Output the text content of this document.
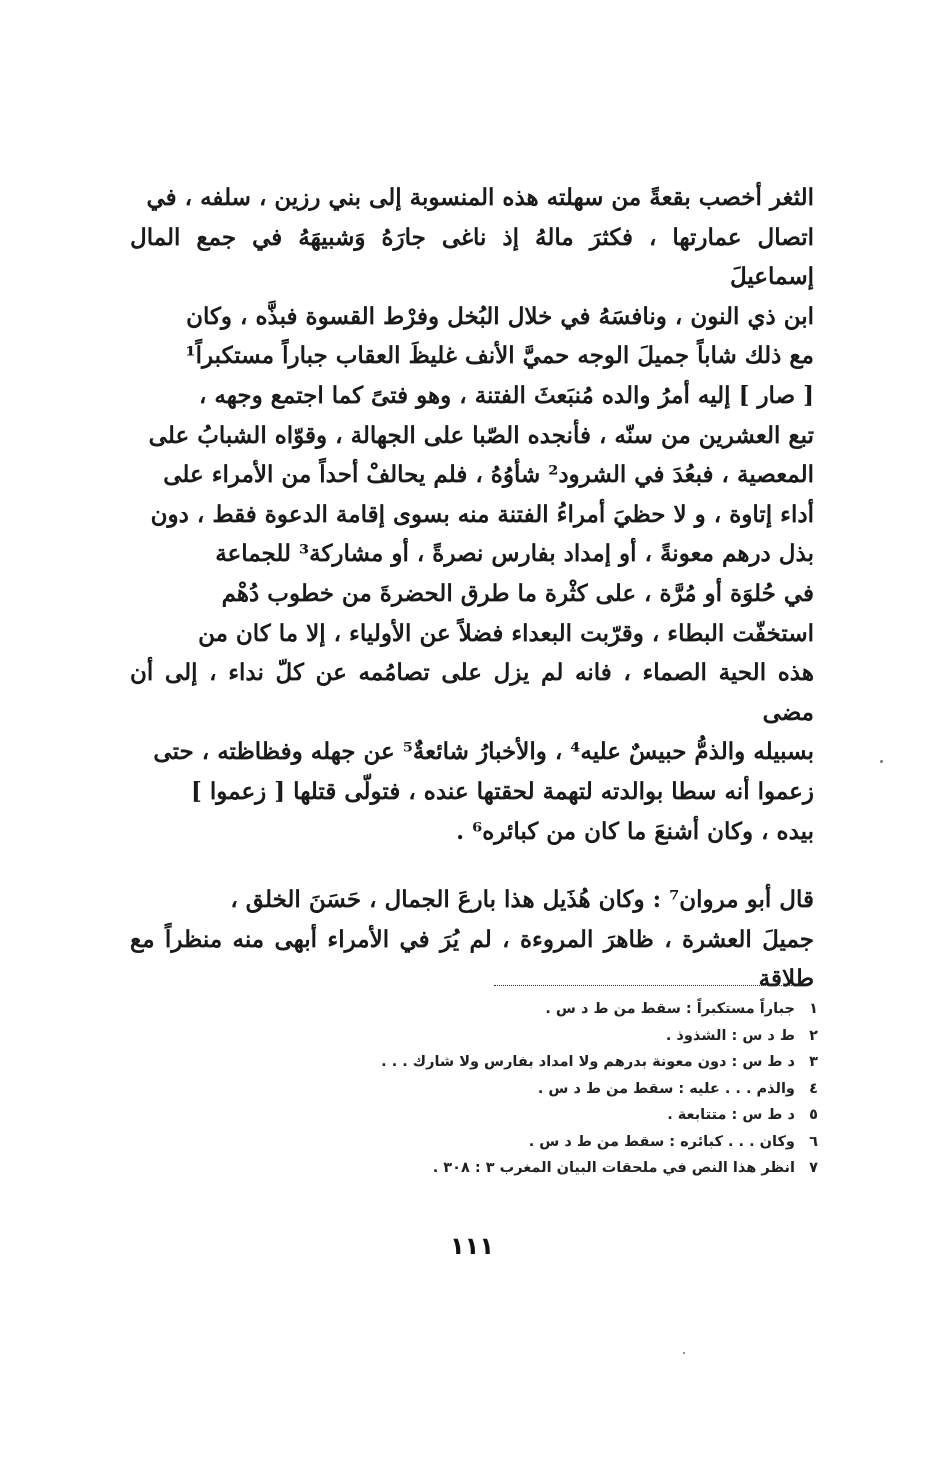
الثغر أخصب بقعةً من سهلته هذه المنسوبة إلى بني رزين ، سلفه ، في

اتصال عمارتها ، فكثرَ مالهُ إذ ناغى جارَهُ وَشبيهَهُ في جمع المال إسماعيلَ

ابن ذي النون ، ونافسَهُ في خلال البُخل وفرْط القسوة فبذَّه ، وكان

مع ذلك شاباً جميلَ الوجه حميَّ الأنف غليظَ العقاب جباراً مستكبراً¹

[ صار ] إليه أمرُ والده مُنبَعثَ الفتنة ، وهو فتىً كما اجتمع وجهه ،

تبع العشرين من سنّه ، فأنجده الصّبا على الجهالة ، وقوّاه الشبابُ على

المعصية ، فبعُدَ في الشرود² شأوُهُ ، فلم يحالفْ أحداً من الأمراء على

أداء إتاوة ، و لا حظيَ أمراءُ الفتنة منه بسوى إقامة الدعوة فقط ، دون

بذل درهم معونةً ، أو إمداد بفارس نصرةً ، أو مشاركة³ للجماعة

في حُلوَة أو مُرَّة ، على كثْرة ما طرق الحضرةَ من خطوب دُهْم

استخفّت البطاء ، وقرّبت البعداء فضلاً عن الأولياء ، إلا ما كان من

هذه الحية الصماء ، فانه لم يزل على تصامُمه عن كلّ نداء ، إلى أن مضى

بسبيله والذمُّ حبيسٌ عليه⁴ ، والأخبارُ شائعةٌ⁵ عن جهله وفظاظته ، حتى

زعموا أنه سطا بوالدته لتهمة لحقتها عنده ، فتولّى قتلها [ زعموا ]

بيده ، وكان أشنعَ ما كان من كبائره⁶ .

قال أبو مروان⁷ : وكان هُذَيل هذا بارعَ الجمال ، حَسَنَ الخلق ،

جميلَ العشرة ، ظاهرَ المروءة ، لم يُرَ في الأمراء أبهى منه منظراً مع طلاقة

١ جباراً مستكبراً : سقط من ط د س .
٢ ط د س : الشذوذ .
٣ د ط س : دون معونة بدرهم ولا امداد بفارس ولا شارك . . .
٤ والذم . . . عليه : سقط من ط د س .
٥ د ط س : متتابعة .
٦ وكان . . . كبائره : سقط من ط د س .
٧ انظر هذا النص في ملحقات البيان المغرب ٣ : ٣٠٨ .
١١١
